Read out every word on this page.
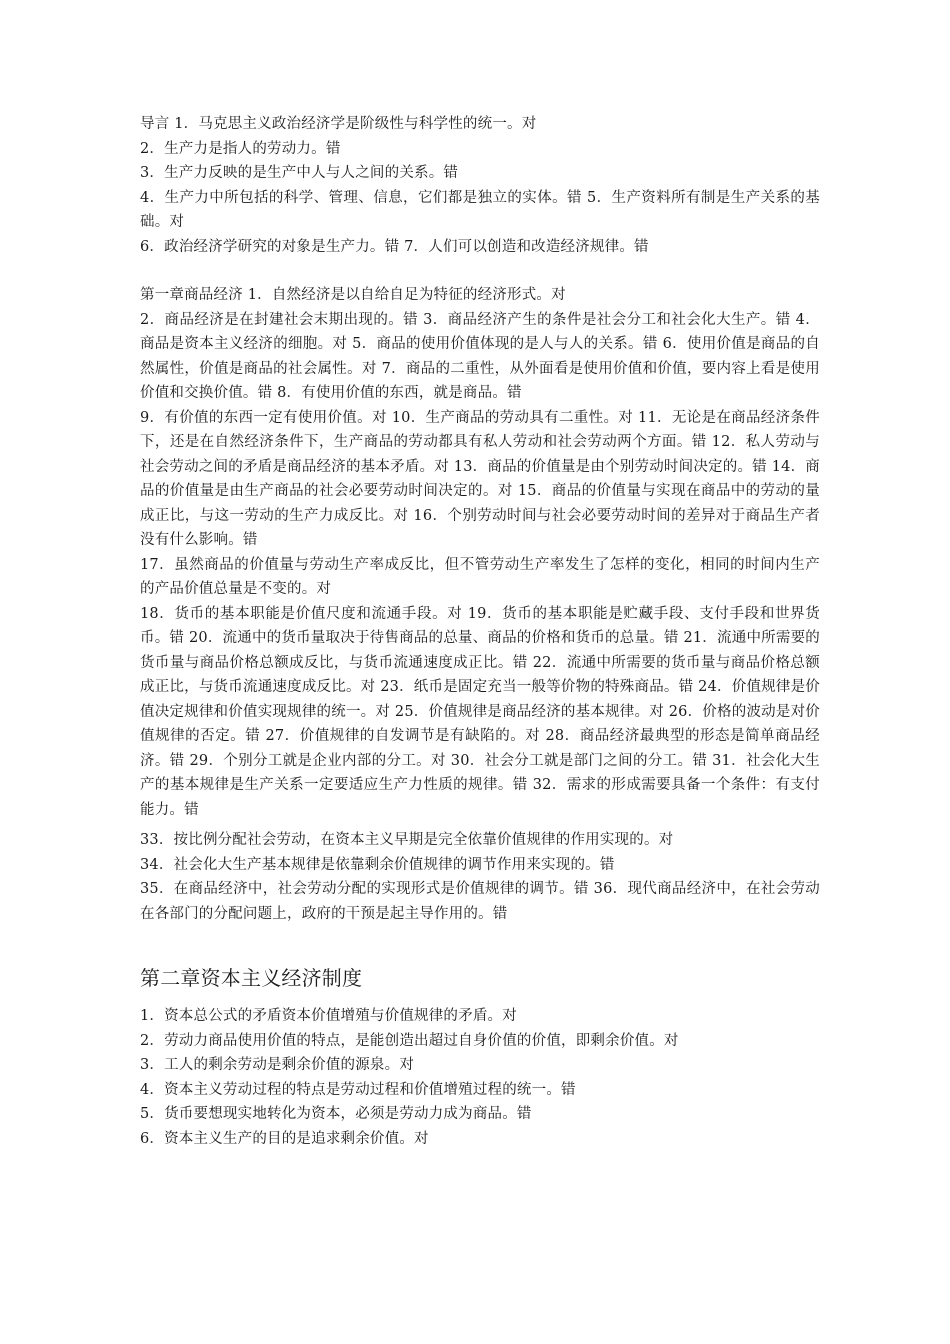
导言 1．马克思主义政治经济学是阶级性与科学性的统一。对

2．生产力是指人的劳动力。错

3．生产力反映的是生产中人与人之间的关系。错

4．生产力中所包括的科学、管理、信息，它们都是独立的实体。错 5．生产资料所有制是生产关系的基础。对

6．政治经济学研究的对象是生产力。错 7．人们可以创造和改造经济规律。错

第一章商品经济 1．自然经济是以自给自足为特征的经济形式。对

2．商品经济是在封建社会末期出现的。错 3．商品经济产生的条件是社会分工和社会化大生产。错 4．商品是资本主义经济的细胞。对 5．商品的使用价值体现的是人与人的关系。错 6．使用价值是商品的自然属性，价值是商品的社会属性。对 7．商品的二重性，从外面看是使用价值和价值，要内容上看是使用价值和交换价值。错 8．有使用价值的东西，就是商品。错

9．有价值的东西一定有使用价值。对 10．生产商品的劳动具有二重性。对 11．无论是在商品经济条件下，还是在自然经济条件下，生产商品的劳动都具有私人劳动和社会劳动两个方面。错 12．私人劳动与社会劳动之间的矛盾是商品经济的基本矛盾。对 13．商品的价值量是由个别劳动时间决定的。错 14．商品的价值量是由生产商品的社会必要劳动时间决定的。对 15．商品的价值量与实现在商品中的劳动的量成正比，与这一劳动的生产力成反比。对 16．个别劳动时间与社会必要劳动时间的差异对于商品生产者没有什么影响。错

17．虽然商品的价值量与劳动生产率成反比，但不管劳动生产率发生了怎样的变化，相同的时间内生产的产品价值总量是不变的。对

18．货币的基本职能是价值尺度和流通手段。对 19．货币的基本职能是贮藏手段、支付手段和世界货币。错 20．流通中的货币量取决于待售商品的总量、商品的价格和货币的总量。错 21．流通中所需要的货币量与商品价格总额成反比，与货币流通速度成正比。错 22．流通中所需要的货币量与商品价格总额成正比，与货币流通速度成反比。对 23．纸币是固定充当一般等价物的特殊商品。错 24．价值规律是价值决定规律和价值实现规律的统一。对 25．价值规律是商品经济的基本规律。对 26．价格的波动是对价值规律的否定。错 27．价值规律的自发调节是有缺陷的。对 28．商品经济最典型的形态是简单商品经济。错 29．个别分工就是企业内部的分工。对 30．社会分工就是部门之间的分工。错 31．社会化大生产的基本规律是生产关系一定要适应生产力性质的规律。错 32．需求的形成需要具备一个条件：有支付能力。错

33．按比例分配社会劳动，在资本主义早期是完全依靠价值规律的作用实现的。对

34．社会化大生产基本规律是依靠剩余价值规律的调节作用来实现的。错

35．在商品经济中，社会劳动分配的实现形式是价值规律的调节。错 36．现代商品经济中，在社会劳动在各部门的分配问题上，政府的干预是起主导作用的。错

第二章资本主义经济制度

1．资本总公式的矛盾资本价值增殖与价值规律的矛盾。对

2．劳动力商品使用价值的特点，是能创造出超过自身价值的价值，即剩余价值。对

3．工人的剩余劳动是剩余价值的源泉。对

4．资本主义劳动过程的特点是劳动过程和价值增殖过程的统一。错

5．货币要想现实地转化为资本，必须是劳动力成为商品。错

6．资本主义生产的目的是追求剩余价值。对
